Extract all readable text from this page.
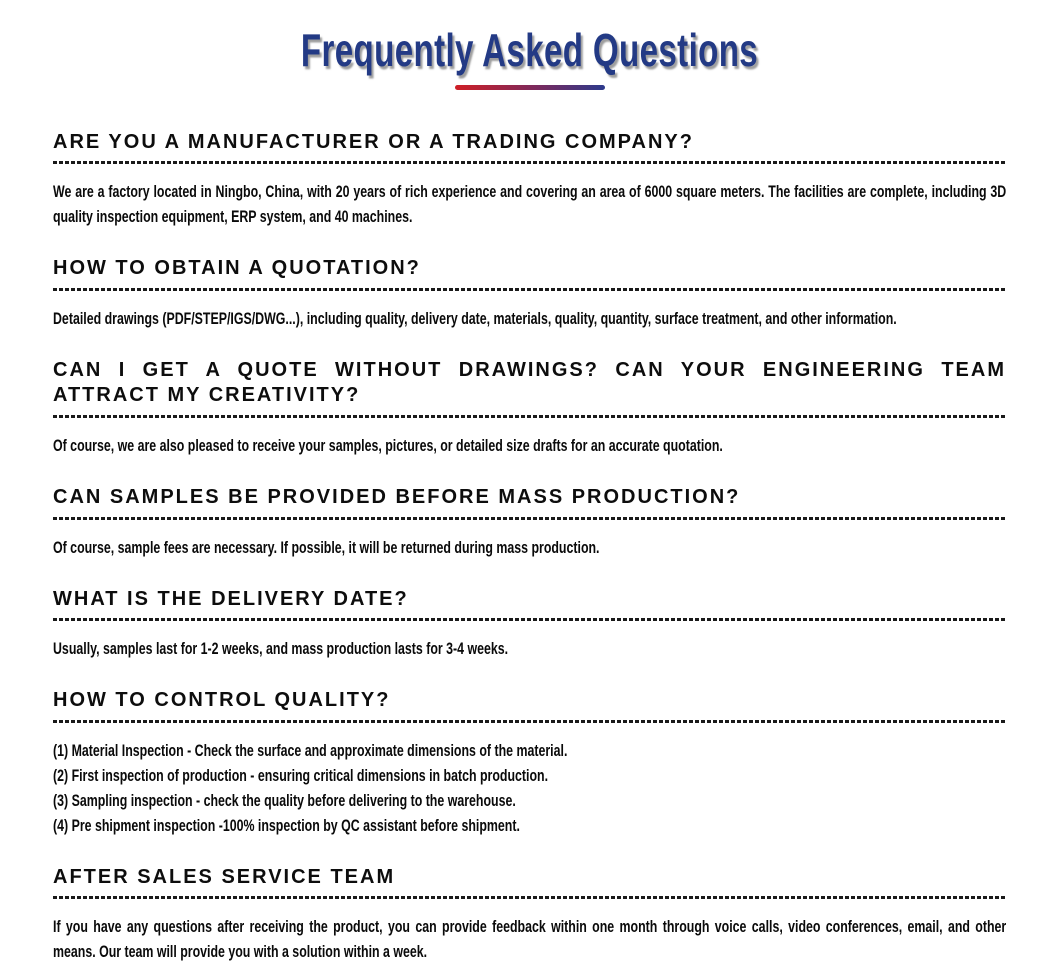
Frequently Asked Questions
ARE YOU A MANUFACTURER OR A TRADING COMPANY?

We are a factory located in Ningbo, China, with 20 years of rich experience and covering an area of 6000 square meters. The facilities are complete, including 3D quality inspection equipment, ERP system, and 40 machines.

HOW TO OBTAIN A QUOTATION?

Detailed drawings (PDF/STEP/IGS/DWG...), including quality, delivery date, materials, quality, quantity, surface treatment, and other information.

CAN I GET A QUOTE WITHOUT DRAWINGS? CAN YOUR ENGINEERING TEAM ATTRACT MY CREATIVITY?

Of course, we are also pleased to receive your samples, pictures, or detailed size drafts for an accurate quotation.

CAN SAMPLES BE PROVIDED BEFORE MASS PRODUCTION?

Of course, sample fees are necessary. If possible, it will be returned during mass production.

WHAT IS THE DELIVERY DATE?

Usually, samples last for 1-2 weeks, and mass production lasts for 3-4 weeks.

HOW TO CONTROL QUALITY?

(1) Material Inspection - Check the surface and approximate dimensions of the material.

(2) First inspection of production - ensuring critical dimensions in batch production.

(3) Sampling inspection - check the quality before delivering to the warehouse.

(4) Pre shipment inspection -100% inspection by QC assistant before shipment.

AFTER SALES SERVICE TEAM

If you have any questions after receiving the product, you can provide feedback within one month through voice calls, video conferences, email, and other means. Our team will provide you with a solution within a week.
